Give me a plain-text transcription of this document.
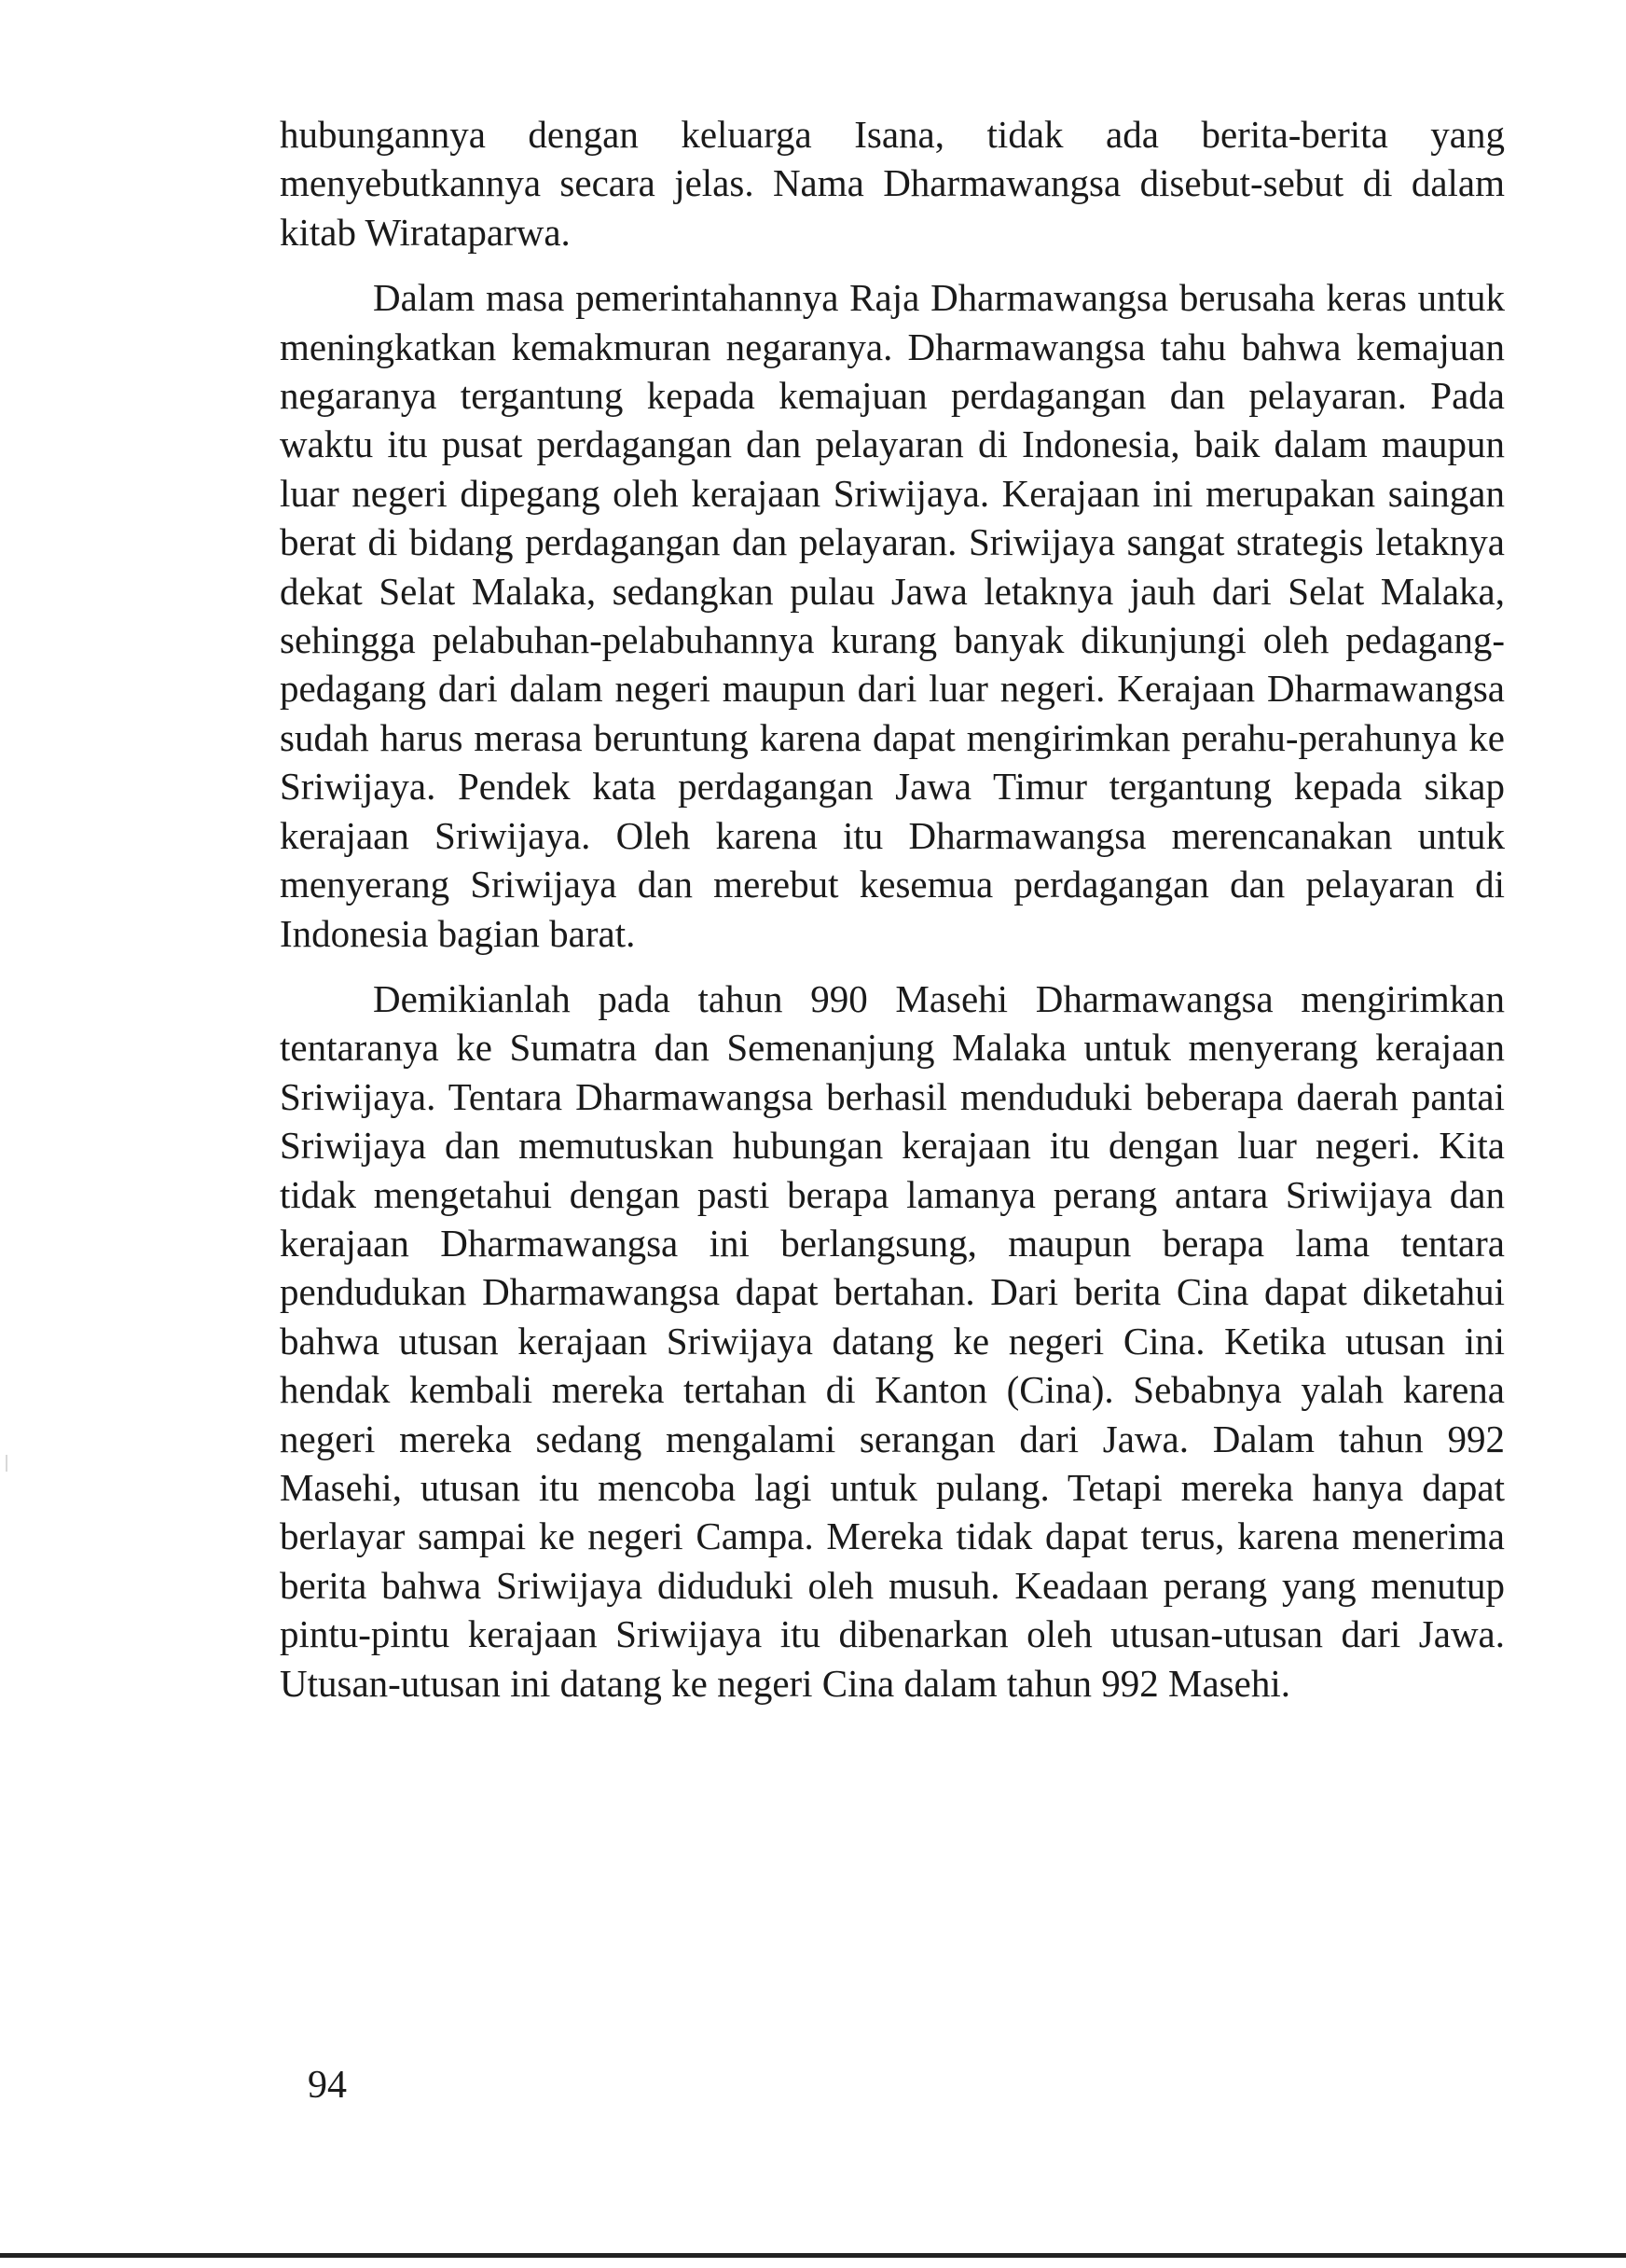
hubungannya dengan keluarga Isana, tidak ada berita-berita yang menyebutkannya secara jelas. Nama Dharmawangsa disebut-sebut di dalam kitab Wirataparwa.

Dalam masa pemerintahannya Raja Dharmawangsa berusaha keras untuk meningkatkan kemakmuran negaranya. Dharmawangsa tahu bahwa kemajuan negaranya tergantung kepada kemajuan perdagangan dan pelayaran. Pada waktu itu pusat perdagangan dan pelayaran di Indonesia, baik dalam maupun luar negeri dipegang oleh kerajaan Sriwijaya. Kerajaan ini merupakan saingan berat di bidang perdagangan dan pelayaran. Sriwijaya sangat strategis letaknya dekat Selat Malaka, sedangkan pulau Jawa letaknya jauh dari Selat Malaka, sehingga pelabuhan-pelabuhannya kurang banyak dikunjungi oleh pedagang-pedagang dari dalam negeri maupun dari luar negeri. Kerajaan Dharmawangsa sudah harus merasa beruntung karena dapat mengirimkan perahu-perahunya ke Sriwijaya. Pendek kata perdagangan Jawa Timur tergantung kepada sikap kerajaan Sriwijaya. Oleh karena itu Dharmawangsa merencanakan untuk menyerang Sriwijaya dan merebut kesemua perdagangan dan pelayaran di Indonesia bagian barat.

Demikianlah pada tahun 990 Masehi Dharmawangsa mengirimkan tentaranya ke Sumatra dan Semenanjung Malaka untuk menyerang kerajaan Sriwijaya. Tentara Dharmawangsa berhasil menduduki beberapa daerah pantai Sriwijaya dan memutuskan hubungan kerajaan itu dengan luar negeri. Kita tidak mengetahui dengan pasti berapa lamanya perang antara Sriwijaya dan kerajaan Dharmawangsa ini berlangsung, maupun berapa lama tentara pendudukan Dharmawangsa dapat bertahan. Dari berita Cina dapat diketahui bahwa utusan kerajaan Sriwijaya datang ke negeri Cina. Ketika utusan ini hendak kembali mereka tertahan di Kanton (Cina). Sebabnya yalah karena negeri mereka sedang mengalami serangan dari Jawa. Dalam tahun 992 Masehi, utusan itu mencoba lagi untuk pulang. Tetapi mereka hanya dapat berlayar sampai ke negeri Campa. Mereka tidak dapat terus, karena menerima berita bahwa Sriwijaya diduduki oleh musuh. Keadaan perang yang menutup pintu-pintu kerajaan Sriwijaya itu dibenarkan oleh utusan-utusan dari Jawa. Utusan-utusan ini datang ke negeri Cina dalam tahun 992 Masehi.

94
